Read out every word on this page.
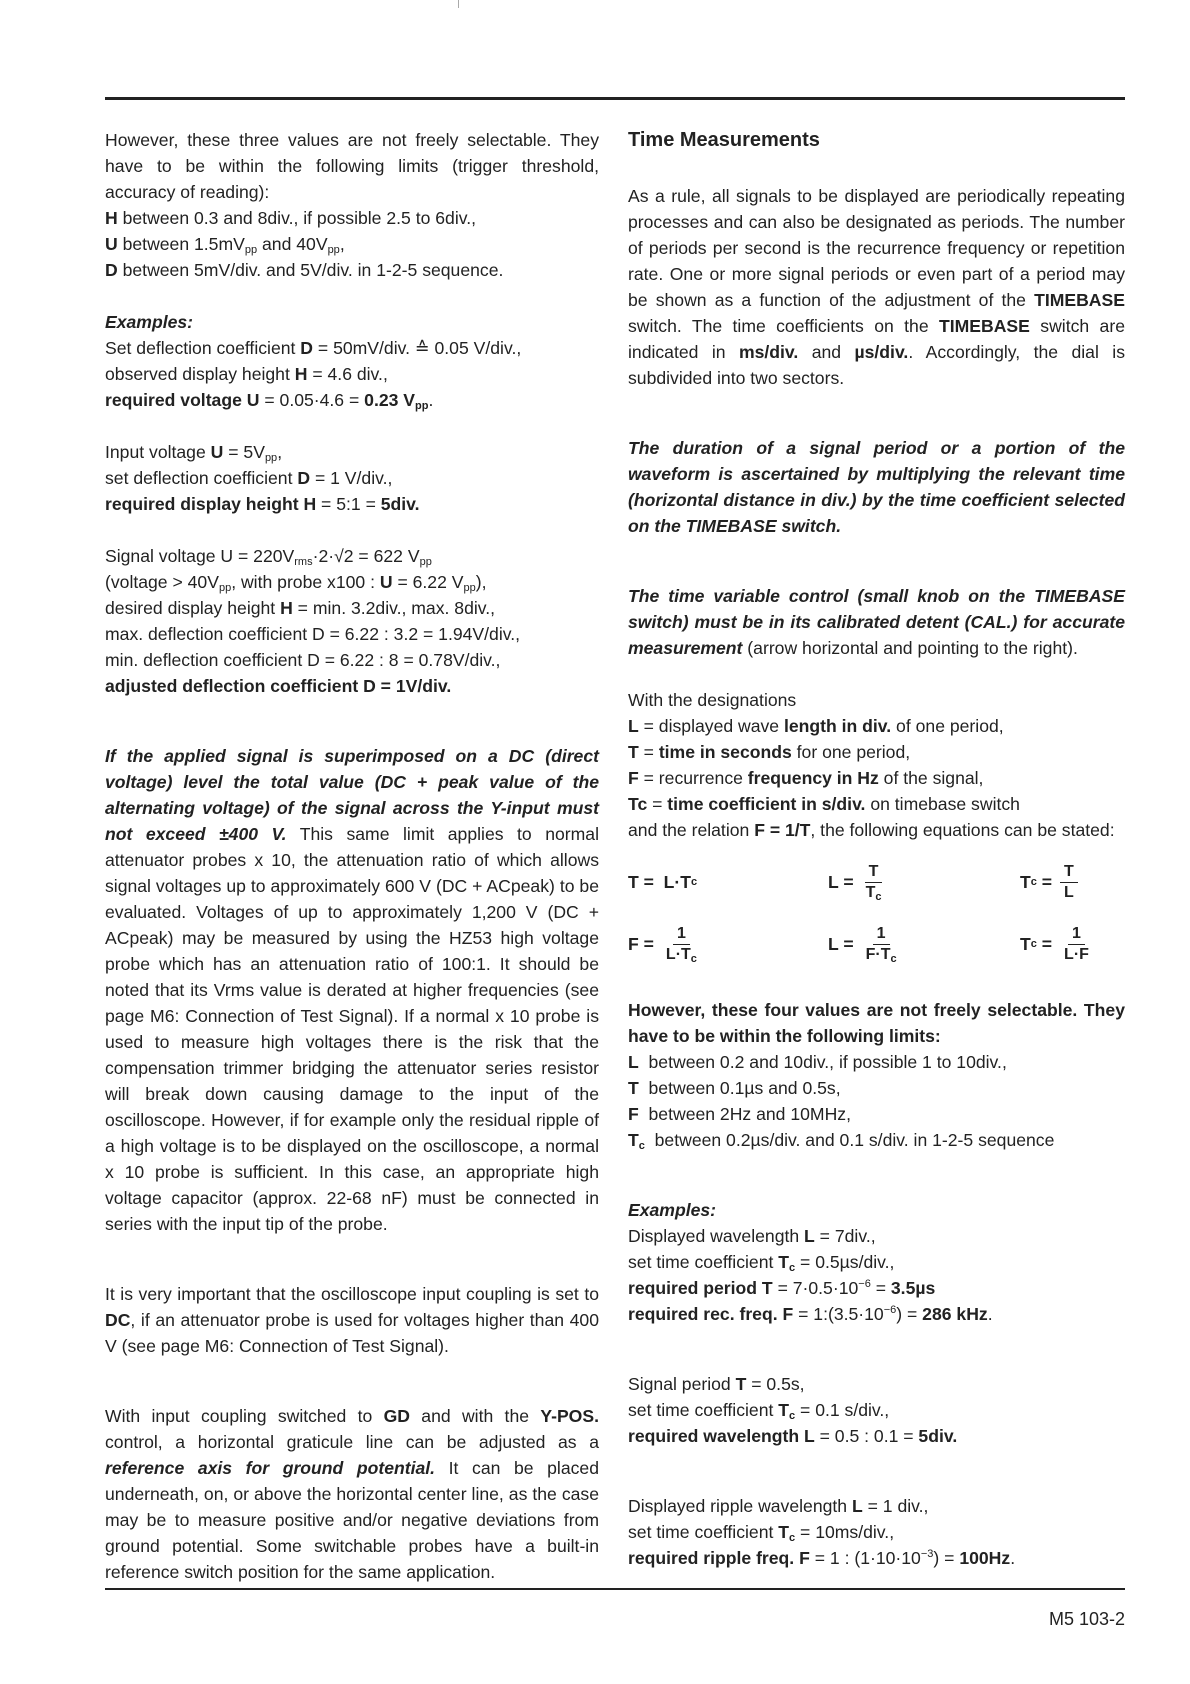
However, these three values are not freely selectable. They have to be within the following limits (trigger threshold, accuracy of reading):

H between 0.3 and 8div., if possible 2.5 to 6div.,

U between $1.5mV_{pp}$ and $40V_{pp}$,

D between 5mV/div. and 5V/div. in 1-2-5 sequence.

Examples:

Set deflection coefficient D = 50mV/div. ≙ 0.05 V/div.,

observed display height H = 4.6 div.,

required voltage U = 0.05·4.6 = 0.23 $V_{pp}$.

Input voltage $U = 5V_{pp}$,

set deflection coefficient D = 1 V/div.,

required display height H = 5:1 = 5div.

Signal voltage $U = 220V_{rms}\cdot 2\cdot√2 = 622$ $V_{pp}$

(voltage > $40V_{pp}$, with probe x100 : U = 6.22 $V_{pp}$),

desired display height H = min. 3.2div., max. 8div.,

max. deflection coefficient D = 6.22 : 3.2 = 1.94V/div.,

min. deflection coefficient D = 6.22 : 8 = 0.78V/div.,

adjusted deflection coefficient D = 1V/div.

If the applied signal is superimposed on a DC (direct voltage) level the total value (DC + peak value of the alternating voltage) of the signal across the Y-input must not exceed ±400 V. This same limit applies to normal attenuator probes x 10, the attenuation ratio of which allows signal voltages up to approximately 600 V (DC + ACpeak) to be evaluated. Voltages of up to approximately 1,200 V (DC + ACpeak) may be measured by using the HZ53 high voltage probe which has an attenuation ratio of 100:1. It should be noted that its Vrms value is derated at higher frequencies (see page M6: Connection of Test Signal). If a normal x 10 probe is used to measure high voltages there is the risk that the compensation trimmer bridging the attenuator series resistor will break down causing damage to the input of the oscilloscope. However, if for example only the residual ripple of a high voltage is to be displayed on the oscilloscope, a normal x 10 probe is sufficient. In this case, an appropriate high voltage capacitor (approx. 22-68 nF) must be connected in series with the input tip of the probe.

It is very important that the oscilloscope input coupling is set to DC, if an attenuator probe is used for voltages higher than 400 V (see page M6: Connection of Test Signal).

With input coupling switched to GD and with the Y-POS. control, a horizontal graticule line can be adjusted as a reference axis for ground potential. It can be placed underneath, on, or above the horizontal center line, as the case may be to measure positive and/or negative deviations from ground potential. Some switchable probes have a built-in reference switch position for the same application.

Time Measurements

As a rule, all signals to be displayed are periodically repeating processes and can also be designated as periods. The number of periods per second is the recurrence frequency or repetition rate. One or more signal periods or even part of a period may be shown as a function of the adjustment of the TIMEBASE switch. The time coefficients on the TIMEBASE switch are indicated in ms/div. and µs/div.. Accordingly, the dial is subdivided into two sectors.

The duration of a signal period or a portion of the waveform is ascertained by multiplying the relevant time (horizontal distance in div.) by the time coefficient selected on the TIMEBASE switch.

The time variable control (small knob on the TIMEBASE switch) must be in its calibrated detent (CAL.) for accurate measurement (arrow horizontal and pointing to the right).

With the designations

L = displayed wave length in div. of one period,

T = time in seconds for one period,

F = recurrence frequency in Hz of the signal,

Tc = time coefficient in s/div. on timebase switch

and the relation F = 1/T, the following equations can be stated:

T =  L·T c	$L = \frac{T}{T_c}$	T $c = \frac{T}{L}$
$F = \frac{1}{L\cdot T_c}$	$L = \frac{1}{F\cdot T_c}$	T $c = \frac{1}{L\cdot F}$

However, these four values are not freely selectable. They have to be within the following limits:

L  between 0.2 and 10div., if possible 1 to 10div.,

T  between 0.1µs and 0.5s,

F  between 2Hz and 10MHz,

$T_c$  between 0.2µs/div. and 0.1 s/div. in 1-2-5 sequence

Examples:

Displayed wavelength L = 7div.,

set time coefficient $T_c = 0.5\mu s/div$.,

required period $T = 7\cdot 0.5\cdot 10^{-6} = 3.5\mu s$

required rec. freq. $F = 1:(3.5\cdot 10^{-6}) = 286$ kHz.

Signal period T = 0.5s,

set time coefficient $T_c = 0.1$ s/div.,

required wavelength L = 0.5 : 0.1 = 5div.

Displayed ripple wavelength L = 1 div.,

set time coefficient $T_c = 10ms/div$.,

required ripple freq. F = 1 : $(1\cdot 10\cdot 10^{-3}) = 100Hz$.

M5 103-2
